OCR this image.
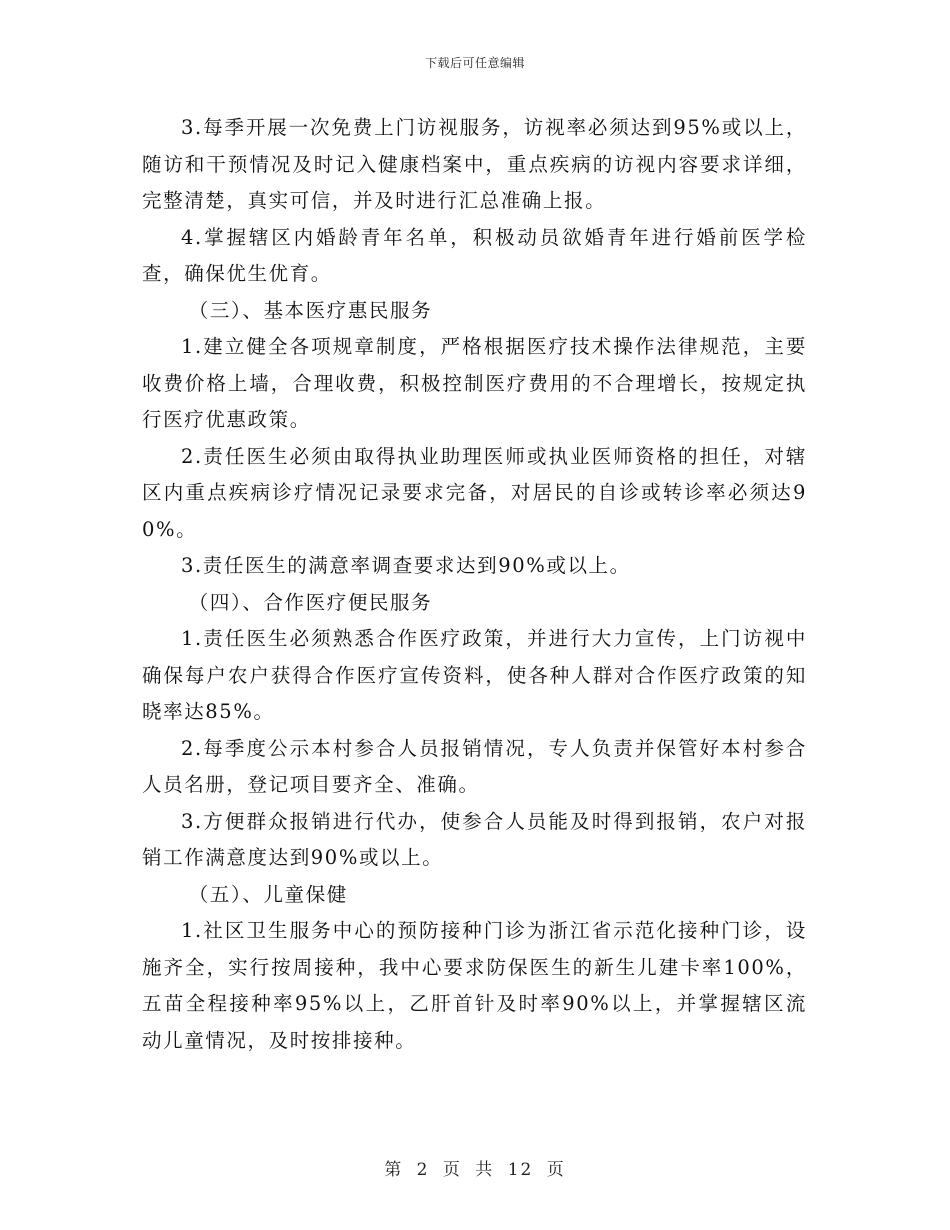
下载后可任意编辑

3.每季开展一次免费上门访视服务，访视率必须达到95%或以上，随访和干预情况及时记入健康档案中，重点疾病的访视内容要求详细，完整清楚，真实可信，并及时进行汇总准确上报。

4.掌握辖区内婚龄青年名单，积极动员欲婚青年进行婚前医学检查，确保优生优育。

（三）、基本医疗惠民服务

1.建立健全各项规章制度，严格根据医疗技术操作法律规范，主要收费价格上墙，合理收费，积极控制医疗费用的不合理增长，按规定执行医疗优惠政策。

2.责任医生必须由取得执业助理医师或执业医师资格的担任，对辖区内重点疾病诊疗情况记录要求完备，对居民的自诊或转诊率必须达90%。

3.责任医生的满意率调查要求达到90%或以上。

（四）、合作医疗便民服务

1.责任医生必须熟悉合作医疗政策，并进行大力宣传，上门访视中确保每户农户获得合作医疗宣传资料，使各种人群对合作医疗政策的知晓率达85%。

2.每季度公示本村参合人员报销情况，专人负责并保管好本村参合人员名册，登记项目要齐全、准确。

3.方便群众报销进行代办，使参合人员能及时得到报销，农户对报销工作满意度达到90%或以上。

（五）、儿童保健

1.社区卫生服务中心的预防接种门诊为浙江省示范化接种门诊，设施齐全，实行按周接种，我中心要求防保医生的新生儿建卡率100%，五苗全程接种率95%以上，乙肝首针及时率90%以上，并掌握辖区流动儿童情况，及时按排接种。

第 2 页 共 12 页
